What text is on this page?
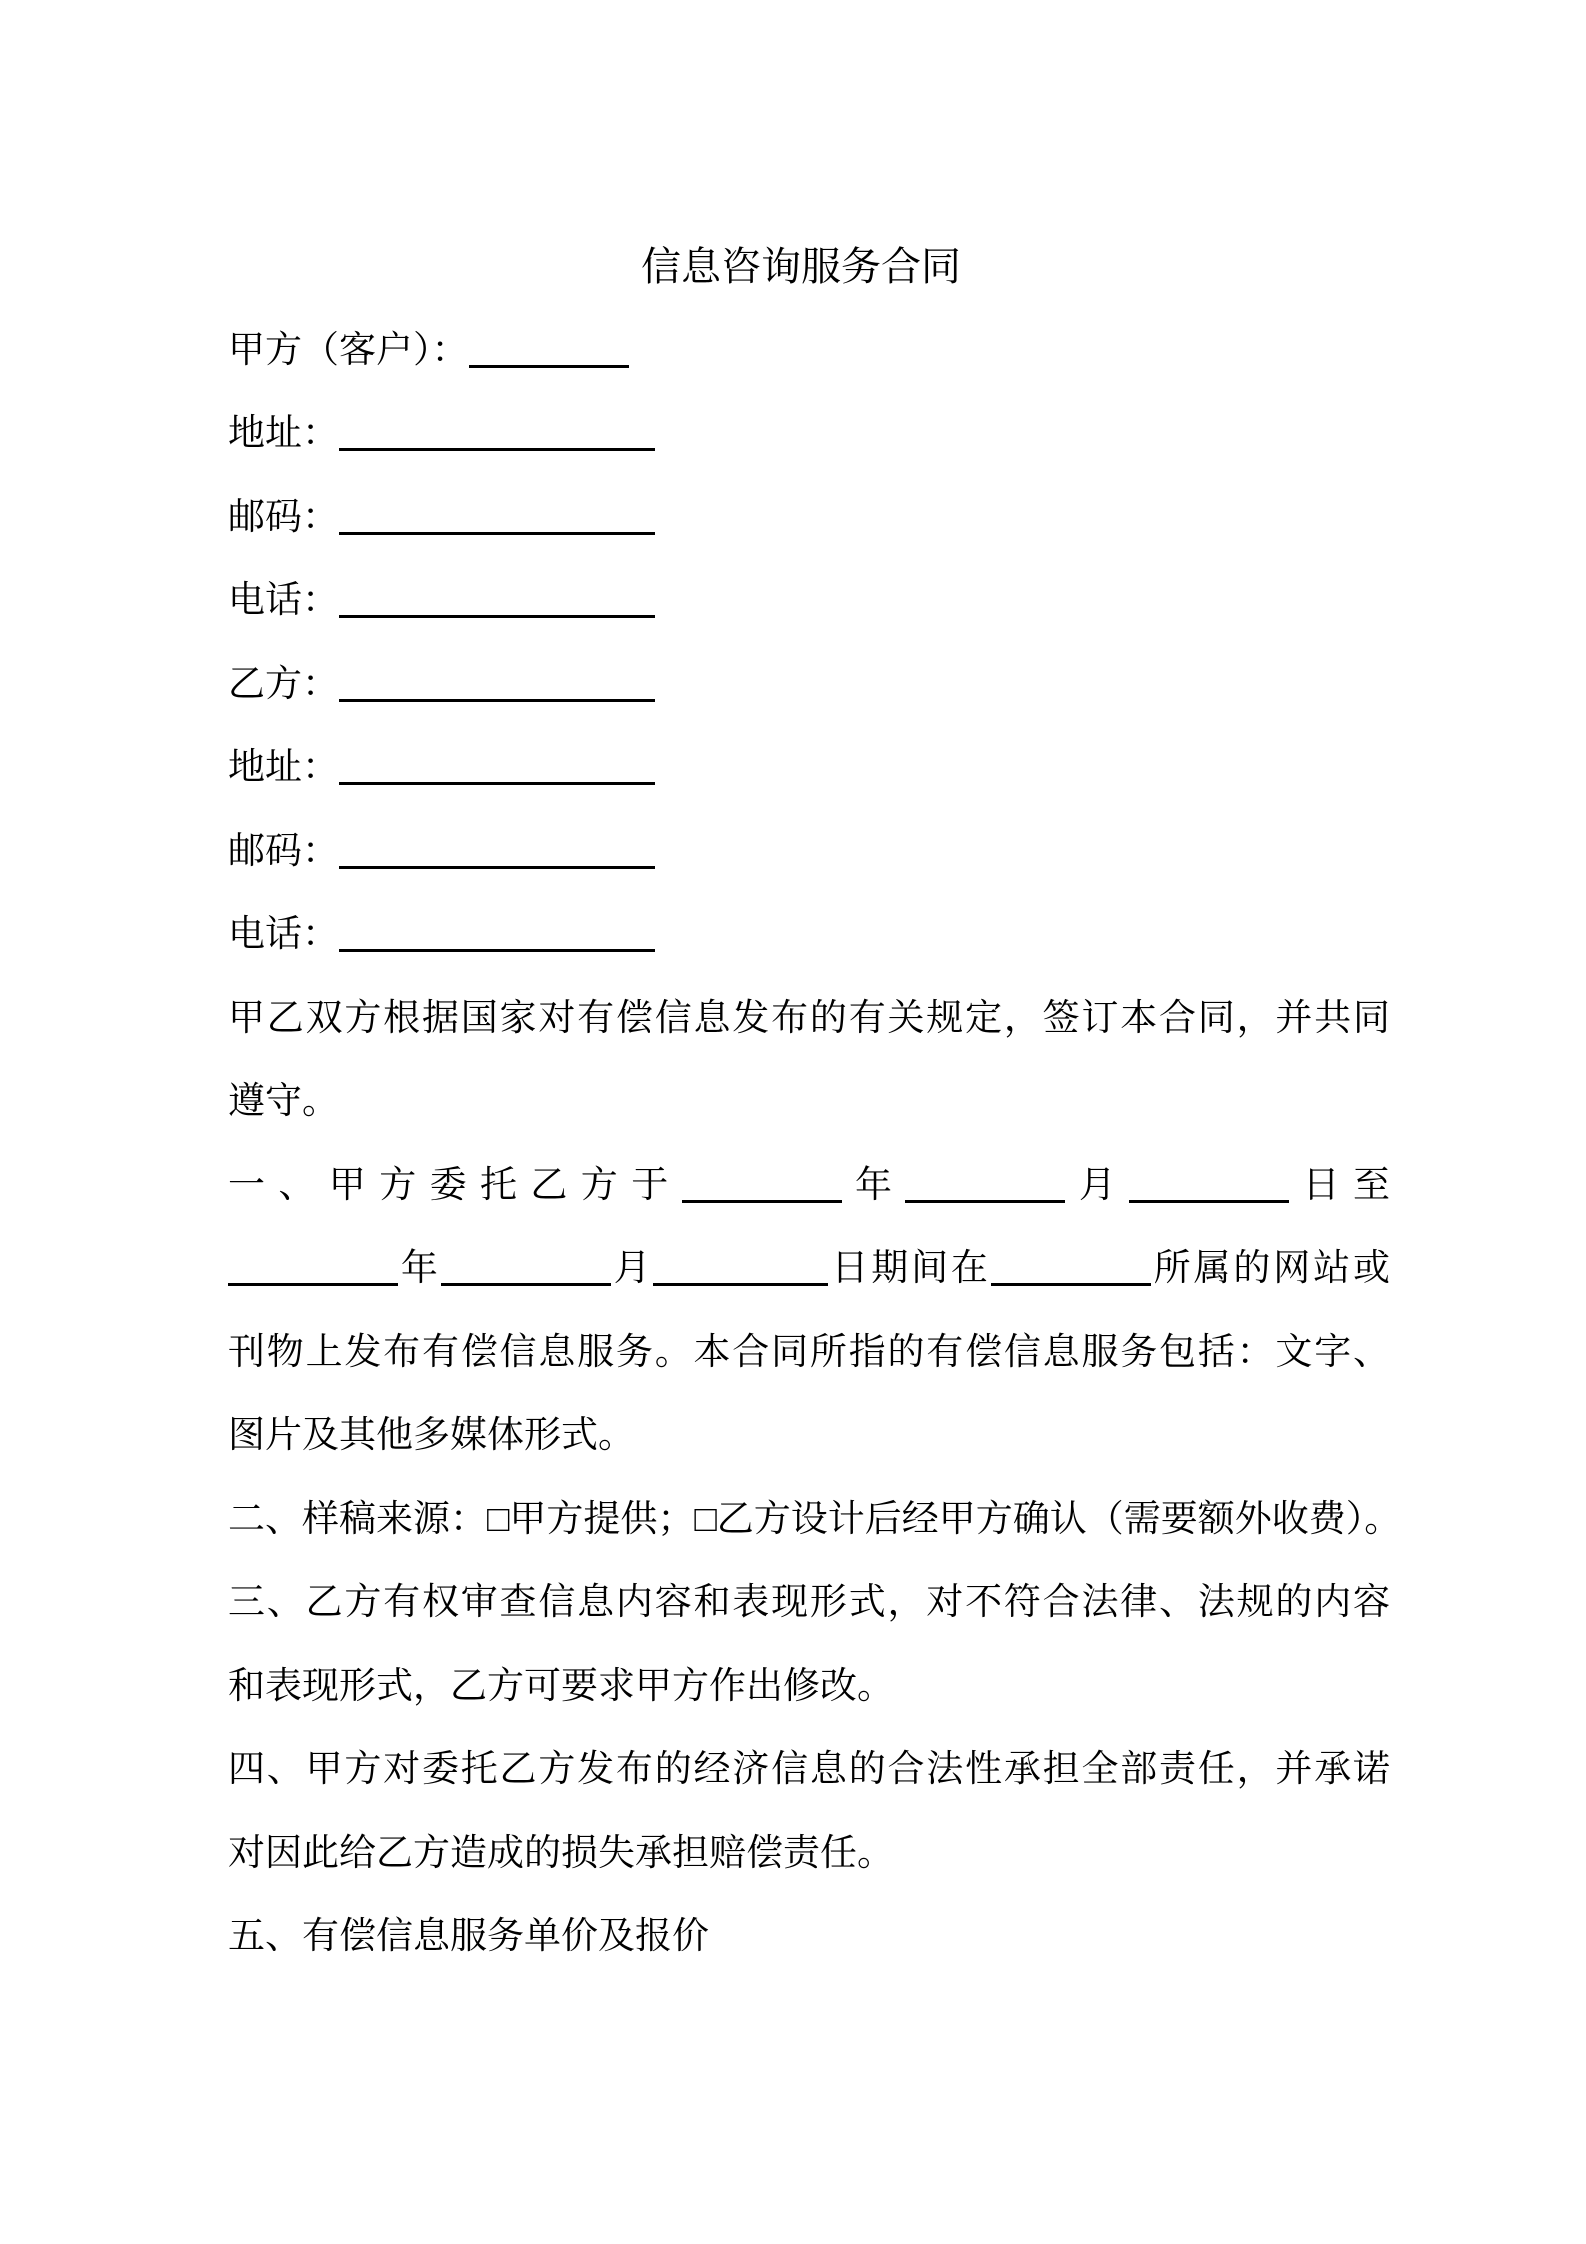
信息咨询服务合同
甲方（客户）：
地址：
邮码：
电话：
乙方：
地址：
邮码：
电话：
甲乙双方根据国家对有偿信息发布的有关规定，签订本合同，并共同
遵守。
一、甲方委托乙方于	年	月	日至
年	月	日期间在	所属的网站或
刊物上发布有偿信息服务。本合同所指的有偿信息服务包括：文字、
图片及其他多媒体形式。
二、样稿来源：□甲方提供；□乙方设计后经甲方确认（需要额外收费）。
三、乙方有权审查信息内容和表现形式，对不符合法律、法规的内容
和表现形式，乙方可要求甲方作出修改。
四、甲方对委托乙方发布的经济信息的合法性承担全部责任，并承诺
对因此给乙方造成的损失承担赔偿责任。
五、有偿信息服务单价及报价
